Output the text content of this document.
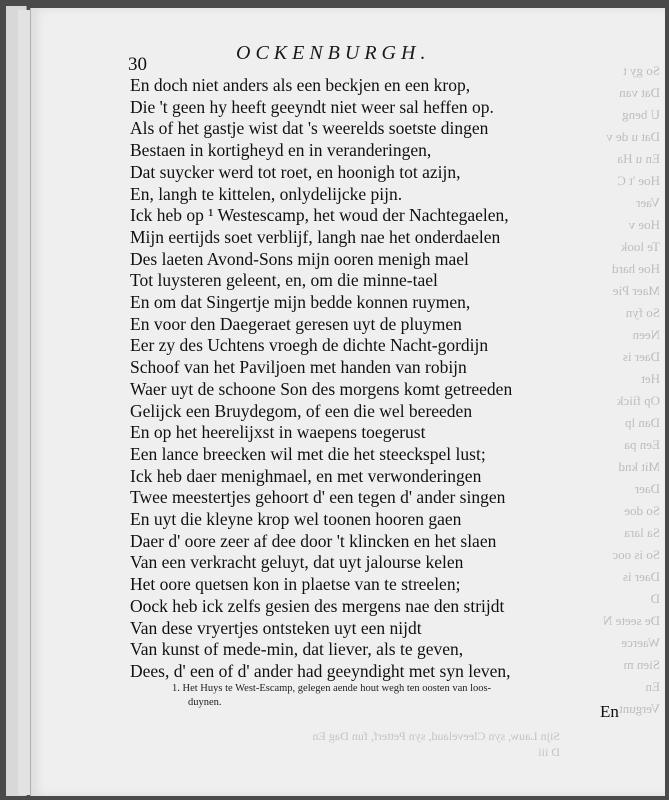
So gy t
Dat van
U beng
Dat u de v
En u Ha
Hoe 't C
Vaer
Hoe v
Te look
Hoe hard
Maer Pie
So fyn
Neen
Daer is
Het
Op fiick
Dan lp
Een pa
Mit knd
Daer
So doe
Sa lara
So is ooc
Daer is
D
De seete N
Waerce
Sien m
En
Vergunt
30
OCKENBURGH.
En doch niet anders als een beckjen en een krop,
Die 't geen hy heeft geeyndt niet weer sal heffen op.
Als of het gastje wist dat 's weerelds soetste dingen
Bestaen in kortigheyd en in veranderingen,
Dat suycker werd tot roet, en hoonigh tot azijn,
En, langh te kittelen, onlydelijcke pijn.
Ick heb op ¹ Westescamp, het woud der Nachtegaelen,
Mijn eertijds soet verblijf, langh nae het onderdaelen
Des laeten Avond-Sons mijn ooren menigh mael
Tot luysteren geleent, en, om die minne-tael
En om dat Singertje mijn bedde konnen ruymen,
En voor den Daegeraet geresen uyt de pluymen
Eer zy des Uchtens vroegh de dichte Nacht-gordijn
Schoof van het Paviljoen met handen van robijn
Waer uyt de schoone Son des morgens komt getreeden
Gelijck een Bruydegom, of een die wel bereeden
En op het heerelijxst in waepens toegerust
Een lance breecken wil met die het steeckspel lust;
Ick heb daer menighmael, en met verwonderingen
Twee meestertjes gehoort d' een tegen d' ander singen
En uyt die kleyne krop wel toonen hooren gaen
Daer d' oore zeer af dee door 't klincken en het slaen
Van een verkracht geluyt, dat uyt jalourse kelen
Het oore quetsen kon in plaetse van te streelen;
Oock heb ick zelfs gesien des mergens nae den strijdt
Van dese vryertjes ontsteken uyt een nijdt
Van kunst of mede-min, dat liever, als te geven,
Dees, d' een of d' ander had geeyndight met syn leven,
1. Het Huys te West-Escamp, gelegen aende hout wegh ten oosten van loos-
duynen.	En
Sijn Lauw, syn Cleevelaud, syn Petterf, fun Dag En
D iii
